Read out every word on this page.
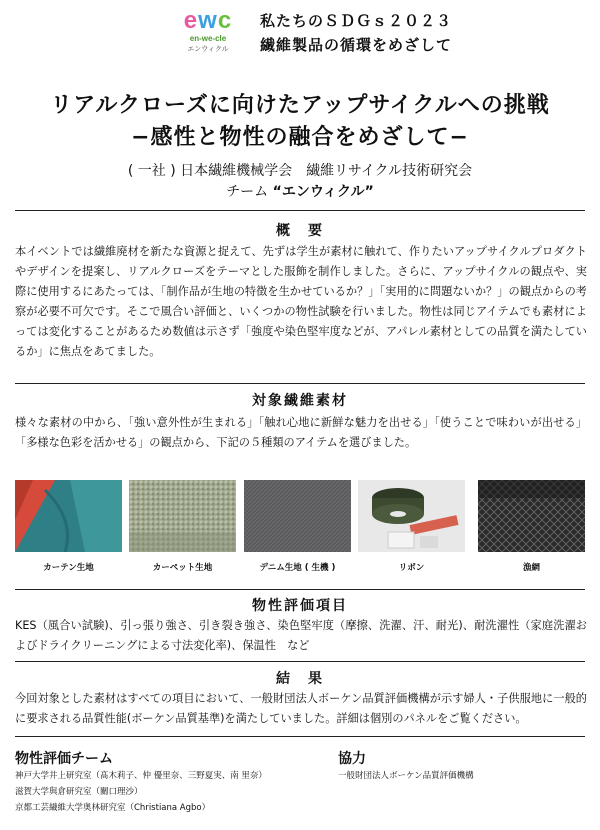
ewc
en-we-cle
エンウィクル
私たちのＳＤＧｓ２０２３
繊維製品の循環をめざして
リアルクローズに向けたアップサイクルへの挑戦
−感性と物性の融合をめざして−
( 一社 ) 日本繊維機械学会　繊維リサイクル技術研究会
チーム “エンウィクル”
概　要
本イベントでは繊維廃材を新たな資源と捉えて、先ずは学生が素材に触れて、作りたいアップサイクルプロダクトやデザインを提案し、リアルクローズをテーマとした服飾を制作しました。さらに、アップサイクルの観点や、実際に使用するにあたっては、「制作品が生地の特徴を生かせているか？」「実用的に問題ないか？」の観点からの考察が必要不可欠です。そこで風合い評価と、いくつかの物性試験を行いました。物性は同じアイテムでも素材によっては変化することがあるため数値は示さず「強度や染色堅牢度などが、アパレル素材としての品質を満たしているか」に焦点をあてました。
対象繊維素材
様々な素材の中から、「強い意外性が生まれる」「触れ心地に新鮮な魅力を出せる」「使うことで味わいが出せる」「多様な色彩を活かせる」の観点から、下記の５種類のアイテムを選びました。
カーテン生地	カーペット生地	デニム生地 ( 生機 )	リボン	漁網
物性評価項目
KES（風合い試験)、引っ張り強さ、引き裂き強さ、染色堅牢度（摩擦、洗濯、汗、耐光)、耐洗濯性（家庭洗濯およびドライクリーニングによる寸法変化率)、保温性　など
結　果
今回対象とした素材はすべての項目において、一般財団法人ボーケン品質評価機構が示す婦人・子供服地に一般的に要求される品質性能(ボーケン品質基準)を満たしていました。詳細は個別のパネルをご覧ください。
物性評価チーム
神戸大学井上研究室（髙木莉子、仲 優里奈、三野夏実、南 里奈）
滋賀大学與倉研究室（關口理沙）
京都工芸繊維大学奥林研究室（Christiana Agbo）
協力
一般財団法人ボーケン品質評価機構
